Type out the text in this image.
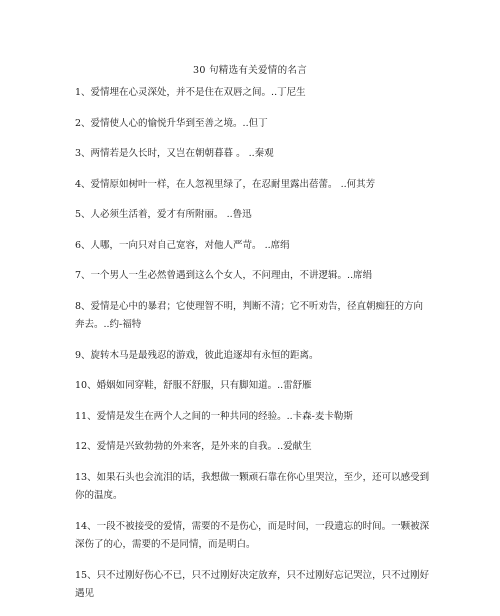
30 句精选有关爱情的名言
1、爱情埋在心灵深处，并不是住在双唇之间。..丁尼生
2、爱情使人心的愉悦升华到至善之境。..但丁
3、两情若是久长时，又岂在朝朝暮暮 。 ..秦观
4、爱情原如树叶一样，在人忽视里绿了，在忍耐里露出蓓蕾。 ..何其芳
5、人必须生活着，爱才有所附丽。 ..鲁迅
6、人哪，一向只对自己宽容，对他人严苛。 ..席绢
7、一个男人一生必然曾遇到这么个女人，不问理由，不讲逻辑。..席绢
8、爱情是心中的暴君；它使理智不明，判断不清；它不听劝告，径直朝痴狂的方向奔去。..约-福特
9、旋转木马是最残忍的游戏，彼此追逐却有永恒的距离。
10、婚姻如同穿鞋，舒服不舒服，只有脚知道。..雷舒雁
11、爱情是发生在两个人之间的一种共同的经验。..卡森-麦卡勒斯
12、爱情是兴致勃勃的外来客，是外来的自我。..爱献生
13、如果石头也会流泪的话，我想做一颗顽石靠在你心里哭泣，至少，还可以感受到你的温度。
14、一段不被接受的爱情，需要的不是伤心，而是时间，一段遗忘的时间。一颗被深深伤了的心，需要的不是同情，而是明白。
15、只不过刚好伤心不已，只不过刚好决定放弃，只不过刚好忘记哭泣，只不过刚好遇见
